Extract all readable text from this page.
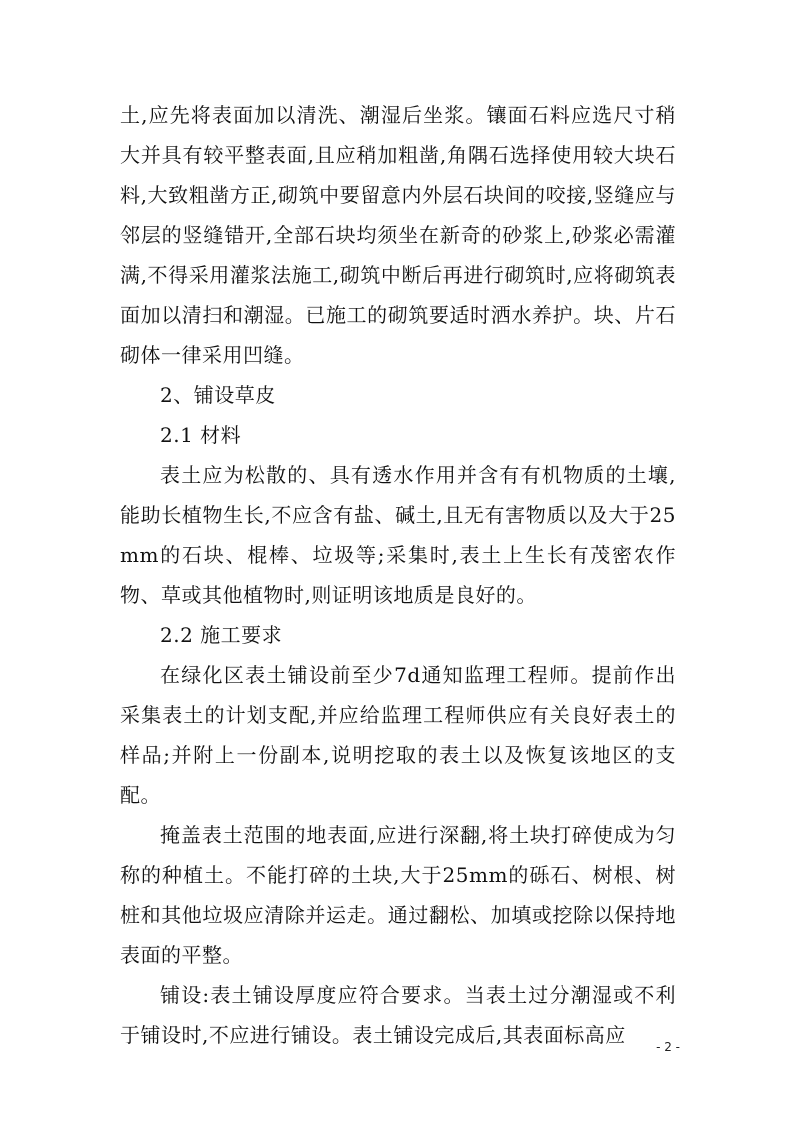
土,应先将表面加以清洗、潮湿后坐浆。镶面石料应选尺寸稍大并具有较平整表面,且应稍加粗凿,角隅石选择使用较大块石料,大致粗凿方正,砌筑中要留意内外层石块间的咬接,竖缝应与邻层的竖缝错开,全部石块均须坐在新奇的砂浆上,砂浆必需灌满,不得采用灌浆法施工,砌筑中断后再进行砌筑时,应将砌筑表面加以清扫和潮湿。已施工的砌筑要适时洒水养护。块、片石砌体一律采用凹缝。

2、铺设草皮

2.1 材料

表土应为松散的、具有透水作用并含有有机物质的土壤,能助长植物生长,不应含有盐、碱土,且无有害物质以及大于25mm的石块、棍棒、垃圾等;采集时,表土上生长有茂密农作物、草或其他植物时,则证明该地质是良好的。

2.2 施工要求

在绿化区表土铺设前至少7d通知监理工程师。提前作出采集表土的计划支配,并应给监理工程师供应有关良好表土的样品;并附上一份副本,说明挖取的表土以及恢复该地区的支配。

掩盖表土范围的地表面,应进行深翻,将土块打碎使成为匀称的种植土。不能打碎的土块,大于25mm的砾石、树根、树桩和其他垃圾应清除并运走。通过翻松、加填或挖除以保持地表面的平整。

铺设:表土铺设厚度应符合要求。当表土过分潮湿或不利于铺设时,不应进行铺设。表土铺设完成后,其表面标高应	- 2 -
